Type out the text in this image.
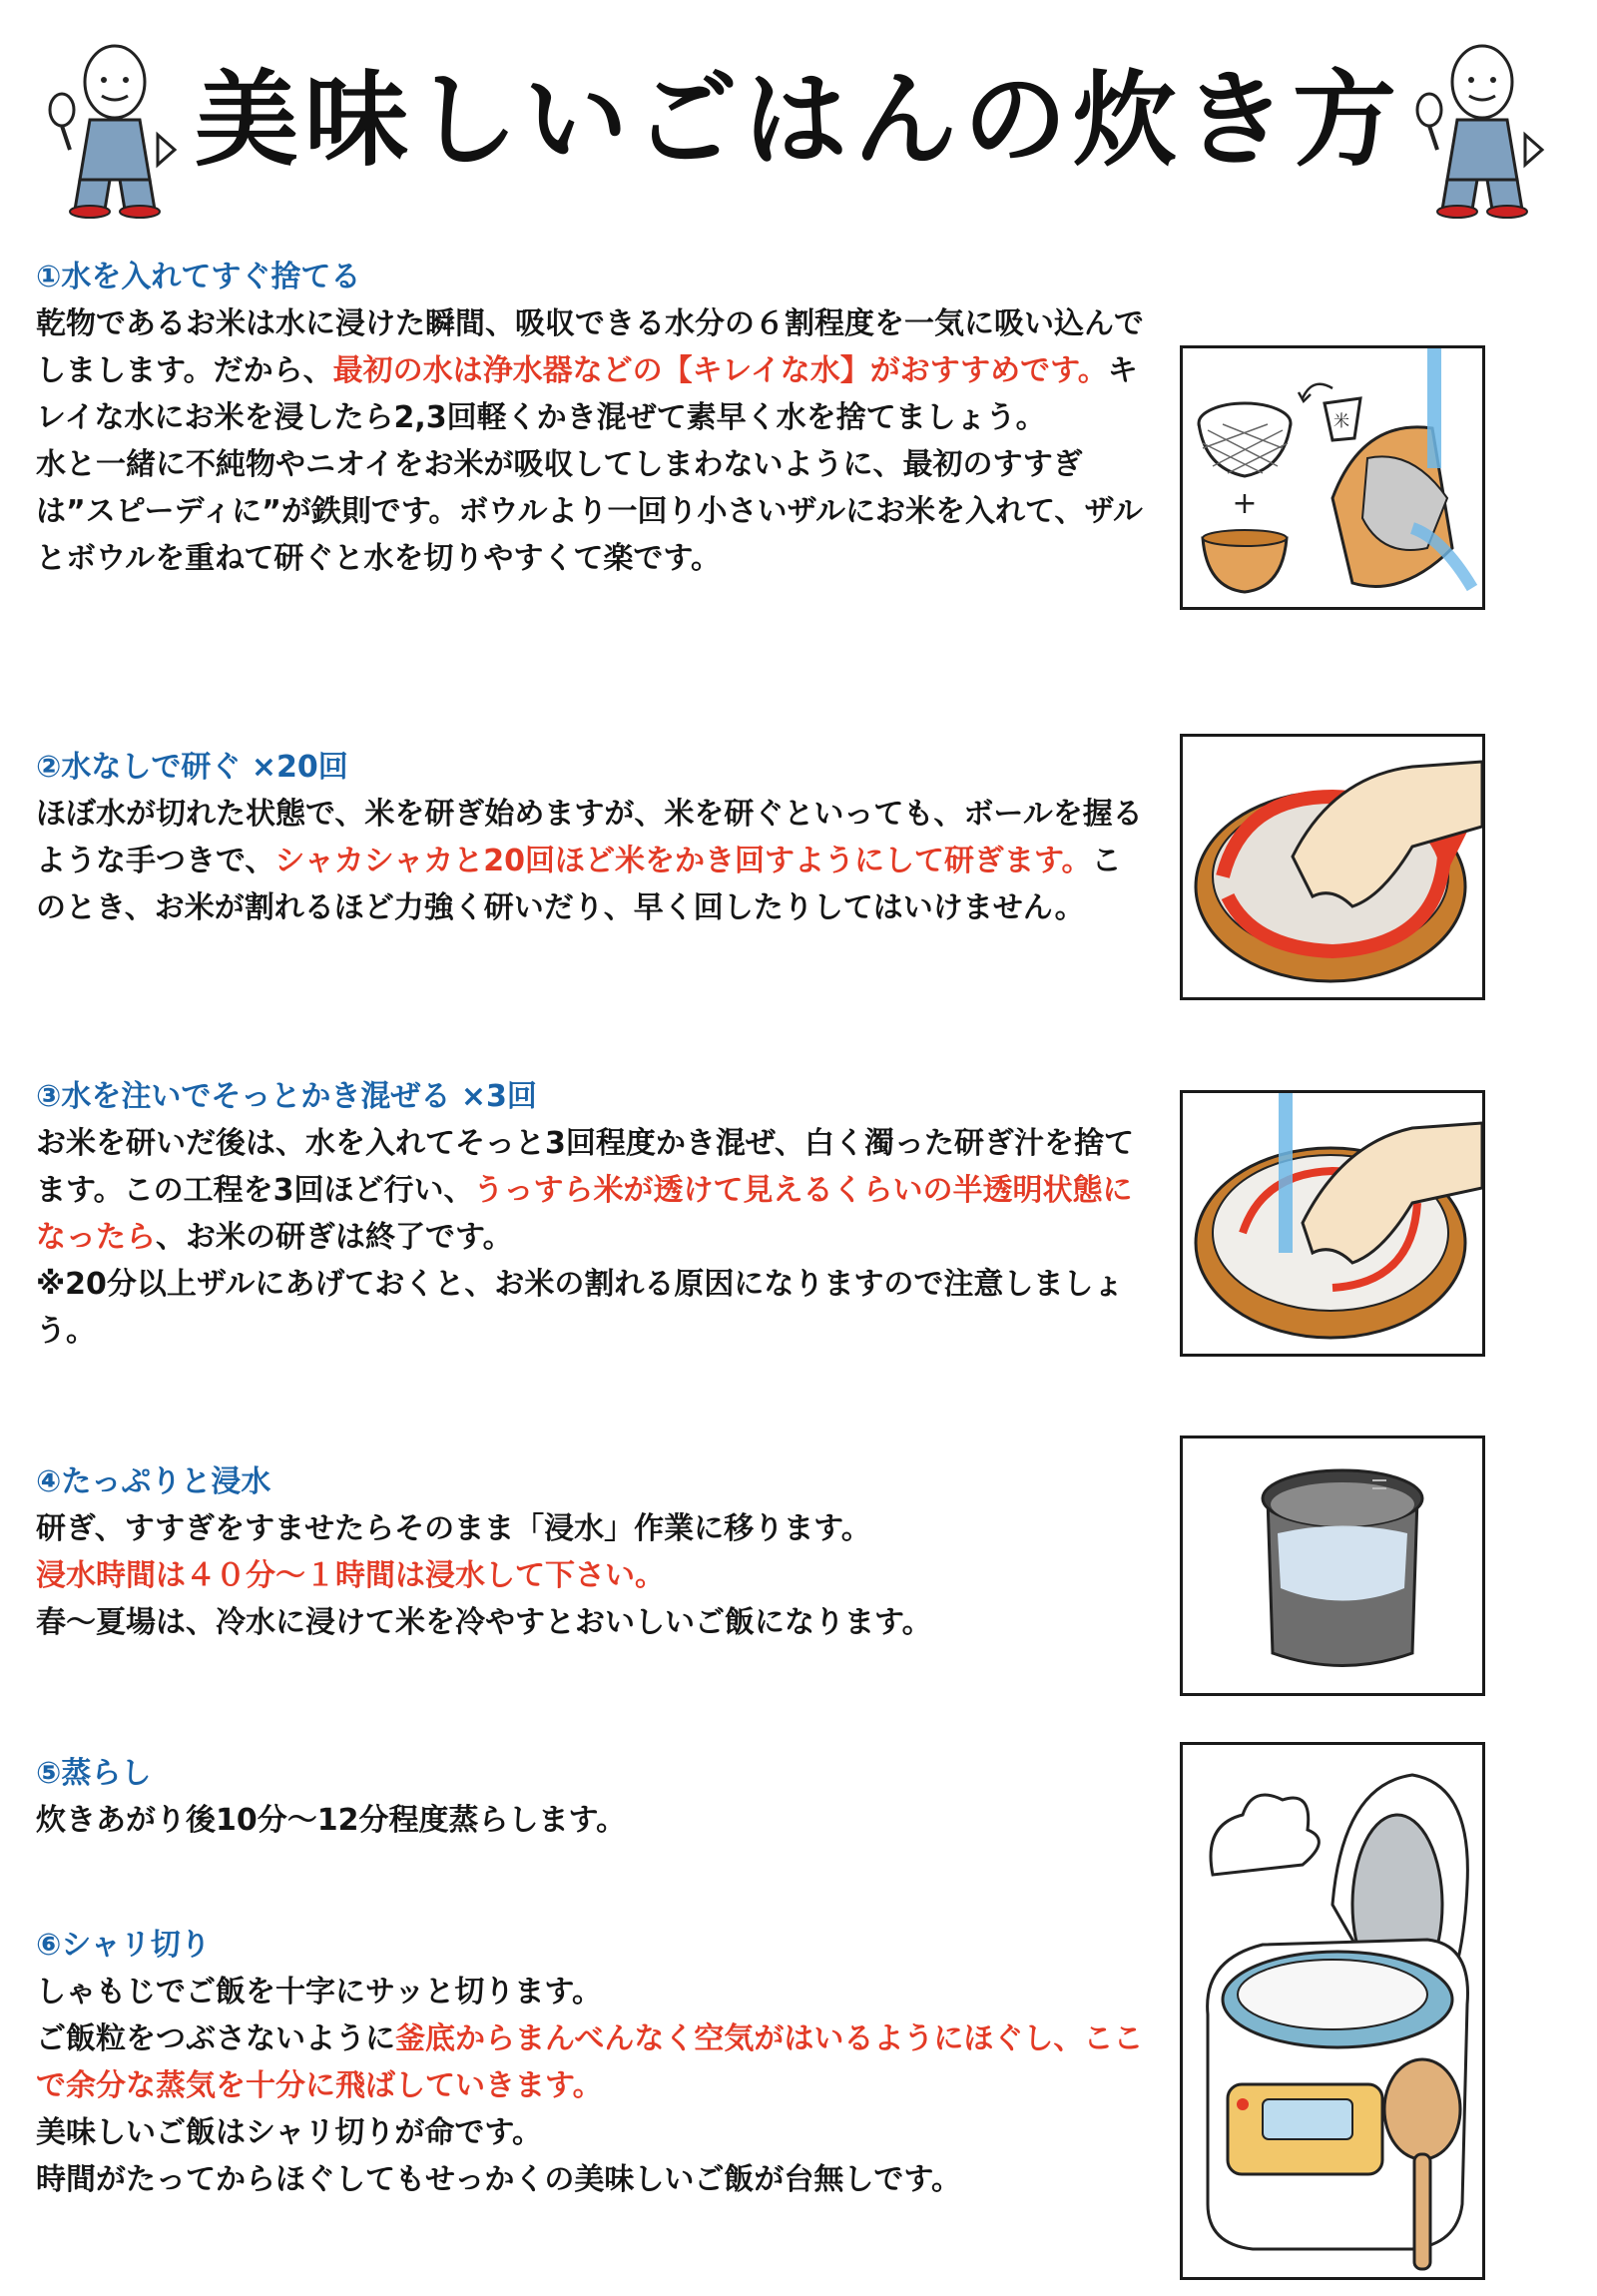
美味しいごはんの炊き方
①水を入れてすぐ捨てる

乾物であるお米は水に浸けた瞬間、吸収できる水分の６割程度を一気に吸い込んでしまします。だから、最初の水は浄水器などの【キレイな水】がおすすめです。キレイな水にお米を浸したら2,3回軽くかき混ぜて素早く水を捨てましょう。

水と一緒に不純物やニオイをお米が吸収してしまわないように、最初のすすぎは”スピーディに”が鉄則です。ボウルより一回り小さいザルにお米を入れて、ザルとボウルを重ねて研ぐと水を切りやすくて楽です。

米
+
②水なしで研ぐ ×20回

ほぼ水が切れた状態で、米を研ぎ始めますが、米を研ぐといっても、ボールを握るような手つきで、シャカシャカと20回ほど米をかき回すようにして研ぎます。このとき、お米が割れるほど力強く研いだり、早く回したりしてはいけません。

③水を注いでそっとかき混ぜる ×3回

お米を研いだ後は、水を入れてそっと3回程度かき混ぜ、白く濁った研ぎ汁を捨てます。この工程を3回ほど行い、うっすら米が透けて見えるくらいの半透明状態になったら、お米の研ぎは終了です。

※20分以上ザルにあげておくと、お米の割れる原因になりますので注意しましょう。

④たっぷりと浸水

研ぎ、すすぎをすませたらそのまま「浸水」作業に移ります。

浸水時間は４０分～１時間は浸水して下さい。

春～夏場は、冷水に浸けて米を冷やすとおいしいご飯になります。

⑤蒸らし

炊きあがり後10分～12分程度蒸らします。

⑥シャリ切り

しゃもじでご飯を十字にサッと切ります。

ご飯粒をつぶさないように釜底からまんべんなく空気がはいるようにほぐし、ここで余分な蒸気を十分に飛ばしていきます。

美味しいご飯はシャリ切りが命です。

時間がたってからほぐしてもせっかくの美味しいご飯が台無しです。
